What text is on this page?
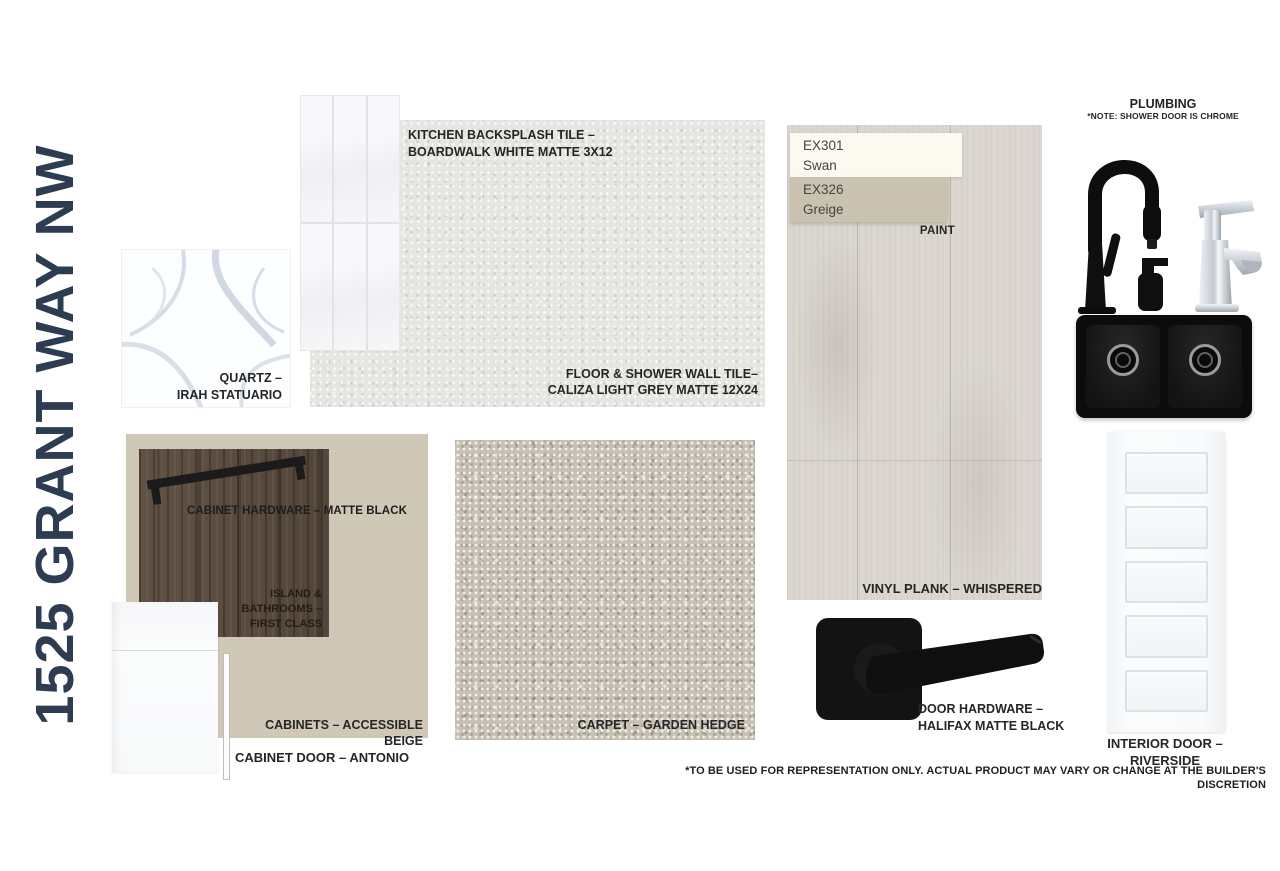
1525 GRANT WAY NW
KITCHEN BACKSPLASH TILE –
BOARDWALK WHITE MATTE 3X12
FLOOR & SHOWER WALL TILE–
CALIZA LIGHT GREY MATTE 12X24
QUARTZ –
IRAH STATUARIO
EX301
Swan
EX326
Greige
PAINT
VINYL PLANK – WHISPERED
PLUMBING
*NOTE: SHOWER DOOR IS CHROME
CABINET HARDWARE – MATTE BLACK
ISLAND &
BATHROOMS –
FIRST CLASS
CABINETS – ACCESSIBLE BEIGE
CABINET DOOR – ANTONIO
CARPET – GARDEN HEDGE
DOOR HARDWARE –
HALIFAX MATTE BLACK
INTERIOR DOOR – RIVERSIDE
*TO BE USED FOR REPRESENTATION ONLY. ACTUAL PRODUCT MAY VARY OR CHANGE AT THE BUILDER'S DISCRETION
